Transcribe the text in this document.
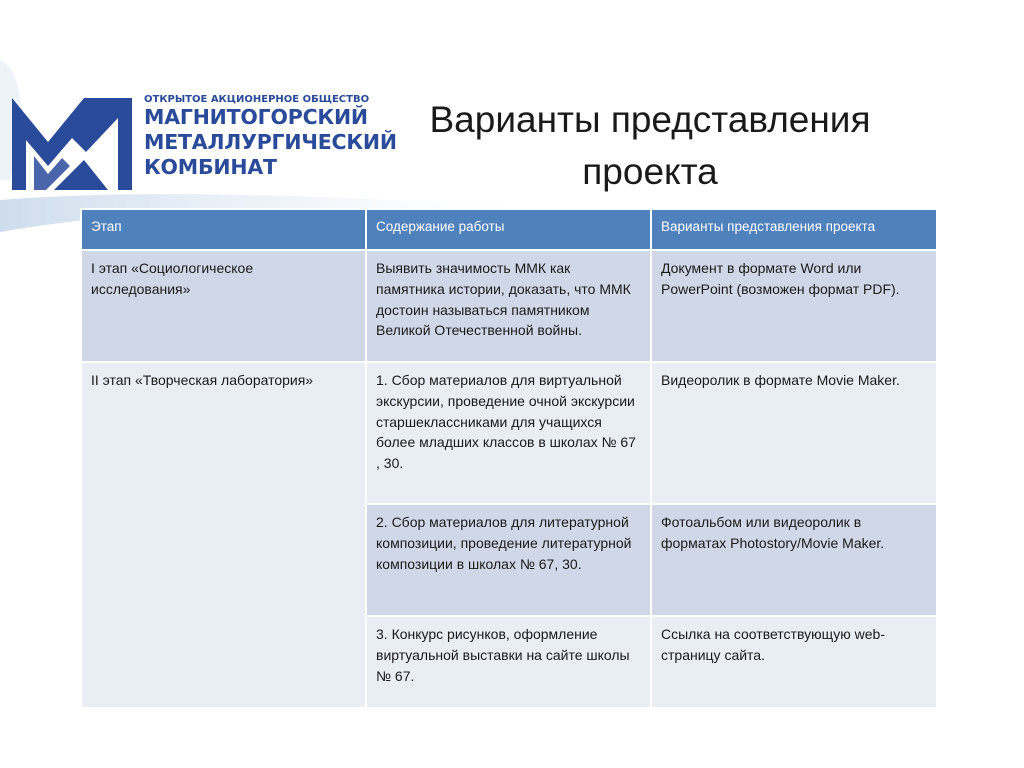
ОТКРЫТОЕ АКЦИОНЕРНОЕ ОБЩЕСТВО
МАГНИТОГОРСКИЙ
МЕТАЛЛУРГИЧЕСКИЙ
КОМБИНАТ
Варианты представления
проекта
Этап	Содержание работы	Варианты представления проекта
I этап «Социологическое исследования»	Выявить значимость ММК как памятника истории, доказать, что ММК достоин называться памятником Великой Отечественной войны.	Документ в формате Word или PowerPoint (возможен формат PDF).
II этап «Творческая лаборатория»	1. Сбор материалов для виртуальной экскурсии, проведение очной экскурсии старшеклассниками для учащихся более младших классов в школах № 67 , 30.	Видеоролик в формате Movie Maker.
	2. Сбор материалов для литературной композиции, проведение литературной композиции в школах № 67, 30.	Фотоальбом или видеоролик в форматах Photostory/Movie Maker.
	3. Конкурс рисунков, оформление виртуальной выставки на сайте школы № 67.	Ссылка на соответствующую web-страницу сайта.
